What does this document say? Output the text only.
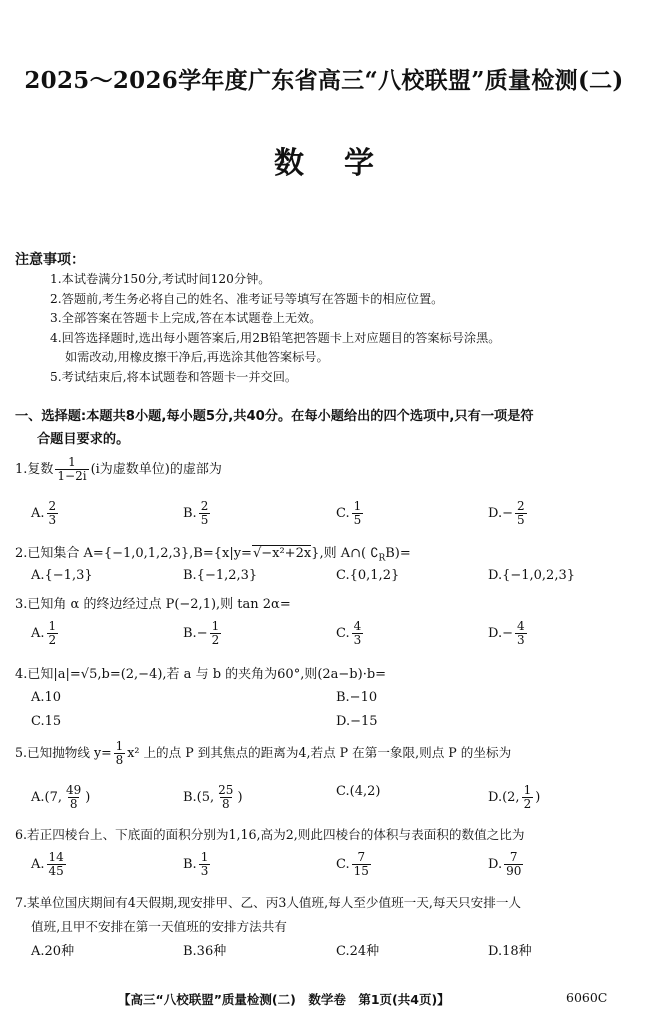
2025～2026学年度广东省高三“八校联盟”质量检测(二)
数学
注意事项：
1.本试卷满分150分,考试时间120分钟。
2.答题前,考生务必将自己的姓名、准考证号等填写在答题卡的相应位置。
3.全部答案在答题卡上完成,答在本试题卷上无效。
4.回答选择题时,选出每小题答案后,用2B铅笔把答题卡上对应题目的答案标号涂黑。
如需改动,用橡皮擦干净后,再选涂其他答案标号。
5.考试结束后,将本试题卷和答题卡一并交回。
一、选择题:本题共8小题,每小题5分,共40分。在每小题给出的四个选项中,只有一项是符
合题目要求的。
1.复数 $\frac{1}{1-2i} (i$为虚数单位)的虚部为
A. $\frac{2}{3}$	B. $\frac{2}{5}$	C. $\frac{1}{5}$	D. − $\frac{2}{5}$
2.已知集合 A={−1,0,1,2,3},B={x|y=√−x²+2x},则 A∩( $∁_RB)=$
A.{−1,3}	B.{−1,2,3}	C.{0,1,2}	D.{−1,0,2,3}
3.已知角 α 的终边经过点 P(−2,1),则 tan 2α=
A. $\frac{1}{2}$	B. − $\frac{1}{2}$	C. $\frac{4}{3}$	D. − $\frac{4}{3}$
4.已知|a|=√5,b=(2,−4),若 a 与 b 的夹角为60°,则(2a−b)·b=
A.10	B.−10
C.15	D.−15
5.已知抛物线 $y= \frac{1}{8} x^2$ 上的点 P 到其焦点的距离为4,若点 P 在第一象限,则点 P 的坐标为
A.(7, $\frac{49}{8}$ )	B.(5, $\frac{25}{8}$ )	C.(4,2)	D.(2, $\frac{1}{2}$ )
6.若正四棱台上、下底面的面积分别为1,16,高为2,则此四棱台的体积与表面积的数值之比为
A. $\frac{14}{45}$	B. $\frac{1}{3}$	C. $\frac{7}{15}$	D. $\frac{7}{90}$
7.某单位国庆期间有4天假期,现安排甲、乙、丙3人值班,每人至少值班一天,每天只安排一人
值班,且甲不安排在第一天值班的安排方法共有
A.20种	B.36种	C.24种	D.18种
【高三“八校联盟”质量检测(二)　数学卷　第1页(共4页)】	6060C
